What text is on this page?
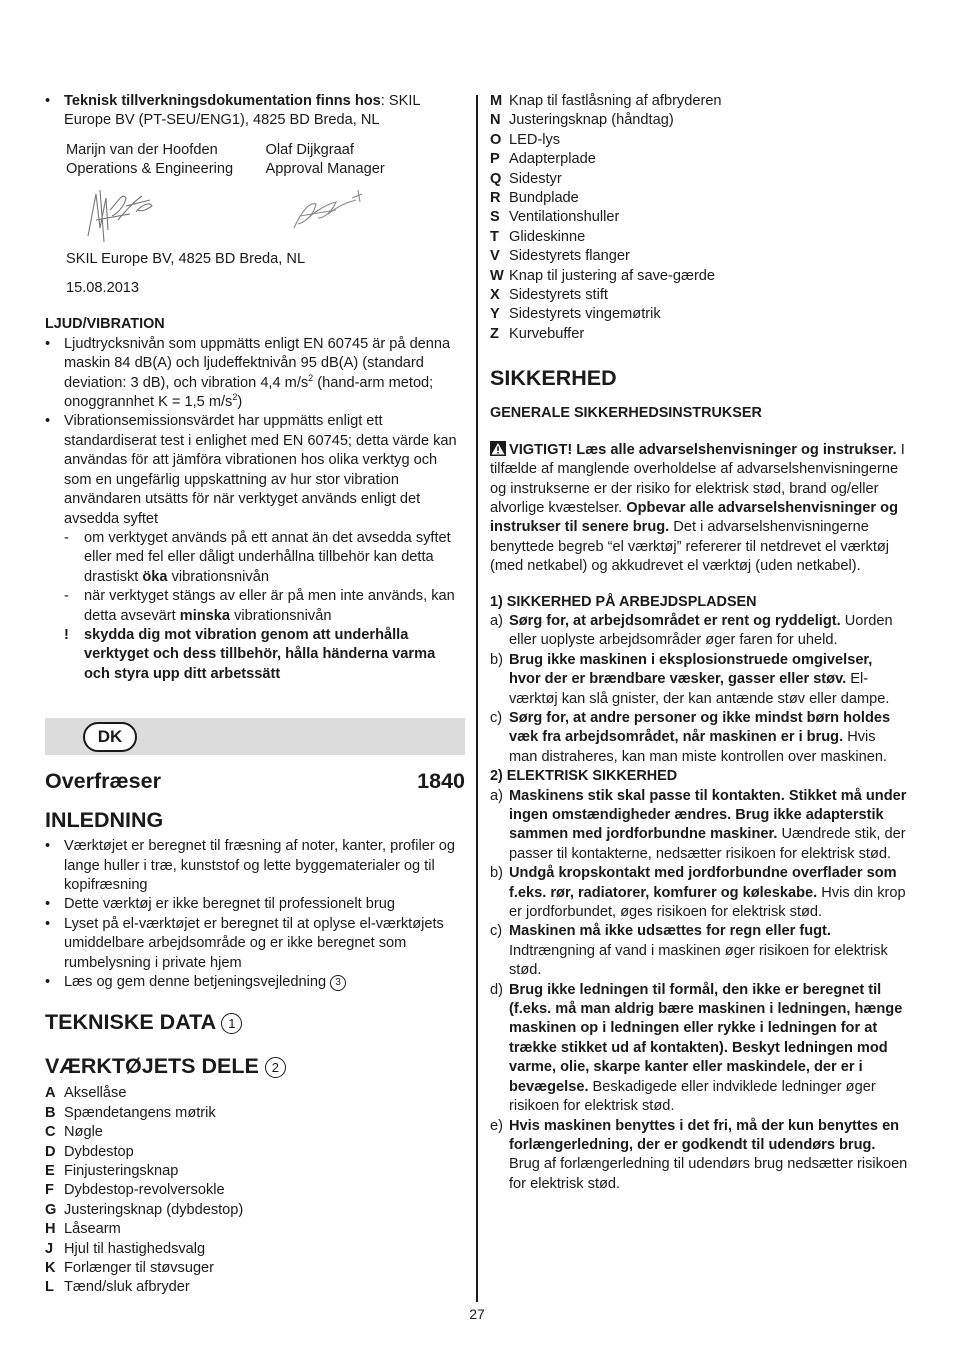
• Teknisk tillverkningsdokumentation finns hos: SKIL Europe BV (PT-SEU/ENG1), 4825 BD Breda, NL

Marijn van der Hoofden

Operations & Engineering

Olaf Dijkgraaf

Approval Manager

SKIL Europe BV, 4825 BD Breda, NL

15.08.2013

LJUD/VIBRATION

• Ljudtrycksnivån som uppmätts enligt EN 60745 är på denna maskin 84 dB(A) och ljudeffektnivån 95 dB(A) (standard deviation: 3 dB), och vibration 4,4 $m/s^2$ (hand-arm metod; onoggrannhet K = 1,5 $m/s^2$)

• Vibrationsemissionsvärdet har uppmätts enligt ett standardiserat test i enlighet med EN 60745; detta värde kan användas för att jämföra vibrationen hos olika verktyg och som en ungefärlig uppskattning av hur stor vibration användaren utsätts för när verktyget används enligt det avsedda syftet

- om verktyget används på ett annat än det avsedda syftet eller med fel eller dåligt underhållna tillbehör kan detta drastiskt öka vibrationsnivån

- när verktyget stängs av eller är på men inte används, kan detta avsevärt minska vibrationsnivån

! skydda dig mot vibration genom att underhålla verktyget och dess tillbehör, hålla händerna varma och styra upp ditt arbetssätt

DK
Overfræser	1840
INLEDNING

• Værktøjet er beregnet til fræsning af noter, kanter, profiler og lange huller i træ, kunststof og lette byggematerialer og til kopifræsning

• Dette værktøj er ikke beregnet til professionelt brug

• Lyset på el-værktøjet er beregnet til at oplyse el-værktøjets umiddelbare arbejdsområde og er ikke beregnet som rumbelysning i private hjem

• Læs og gem denne betjeningsvejledning 3

TEKNISKE DATA 1
VÆRKTØJETS DELE 2
A Aksellåse
B Spændetangens møtrik
C Nøgle
D Dybdestop
E Finjusteringsknap
F Dybdestop-revolversokle
G Justeringsknap (dybdestop)
H Låsearm
J Hjul til hastighedsvalg
K Forlænger til støvsuger
L Tænd/sluk afbryder
M Knap til fastlåsning af afbryderen
N Justeringsknap (håndtag)
O LED-lys
P Adapterplade
Q Sidestyr
R Bundplade
S Ventilationshuller
T Glideskinne
V Sidestyrets flanger
W Knap til justering af save-gærde
X Sidestyrets stift
Y Sidestyrets vingemøtrik
Z Kurvebuffer
SIKKERHED

GENERALE SIKKERHEDSINSTRUKSER

VIGTIGT! Læs alle advarselshenvisninger og instrukser. I tilfælde af manglende overholdelse af advarselshenvisningerne og instrukserne er der risiko for elektrisk stød, brand og/eller alvorlige kvæstelser. Opbevar alle advarselshenvisninger og instrukser til senere brug. Det i advarselshenvisningerne benyttede begreb “el værktøj” refererer til netdrevet el værktøj (med netkabel) og akkudrevet el værktøj (uden netkabel).

1) SIKKERHED PÅ ARBEJDSPLADSEN

a) Sørg for, at arbejdsområdet er rent og ryddeligt. Uorden eller uoplyste arbejdsområder øger faren for uheld.

b) Brug ikke maskinen i eksplosionstruede omgivelser, hvor der er brændbare væsker, gasser eller støv. El-værktøj kan slå gnister, der kan antænde støv eller dampe.

c) Sørg for, at andre personer og ikke mindst børn holdes væk fra arbejdsområdet, når maskinen er i brug. Hvis man distraheres, kan man miste kontrollen over maskinen.

2) ELEKTRISK SIKKERHED

a) Maskinens stik skal passe til kontakten. Stikket må under ingen omstændigheder ændres. Brug ikke adapterstik sammen med jordforbundne maskiner. Uændrede stik, der passer til kontakterne, nedsætter risikoen for elektrisk stød.

b) Undgå kropskontakt med jordforbundne overflader som f.eks. rør, radiatorer, komfurer og køleskabe. Hvis din krop er jordforbundet, øges risikoen for elektrisk stød.

c) Maskinen må ikke udsættes for regn eller fugt. Indtrængning af vand i maskinen øger risikoen for elektrisk stød.

d) Brug ikke ledningen til formål, den ikke er beregnet til (f.eks. må man aldrig bære maskinen i ledningen, hænge maskinen op i ledningen eller rykke i ledningen for at trække stikket ud af kontakten). Beskyt ledningen mod varme, olie, skarpe kanter eller maskindele, der er i bevægelse. Beskadigede eller indviklede ledninger øger risikoen for elektrisk stød.

e) Hvis maskinen benyttes i det fri, må der kun benyttes en forlængerledning, der er godkendt til udendørs brug. Brug af forlængerledning til udendørs brug nedsætter risikoen for elektrisk stød.

27
